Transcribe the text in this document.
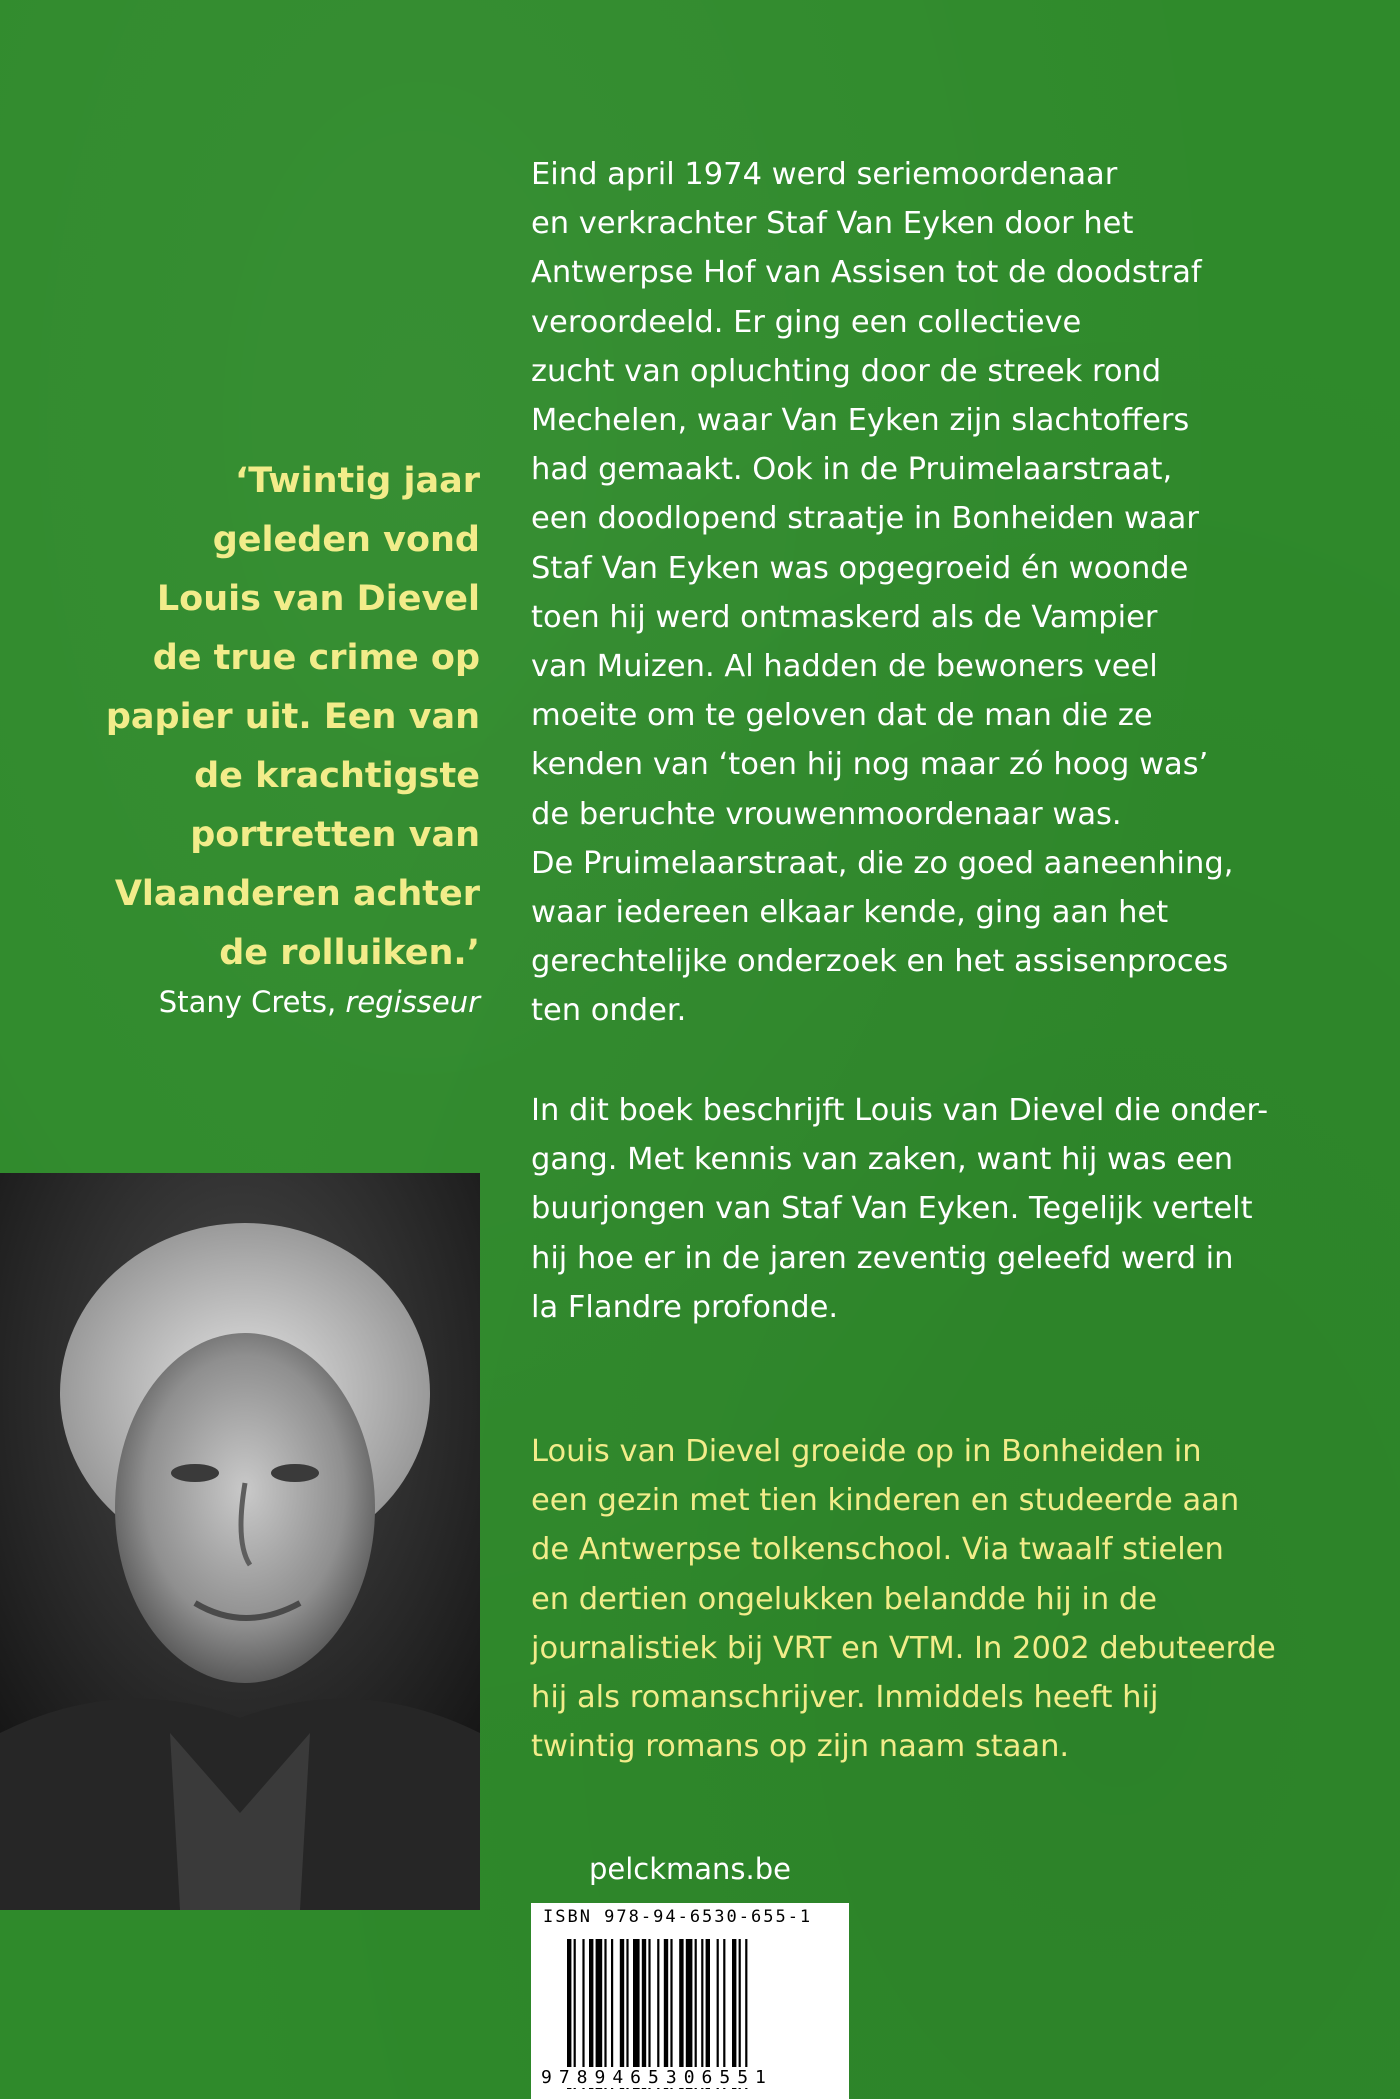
‘Twintig jaar
geleden vond
Louis van Dievel
de true crime op
papier uit. Een van
de krachtigste
portretten van
Vlaanderen achter
de rolluiken.’
Stany Crets, regisseur
Eind april 1974 werd seriemoordenaar
en verkrachter Staf Van Eyken door het
Antwerpse Hof van Assisen tot de doodstraf
veroordeeld. Er ging een collectieve
zucht van opluchting door de streek rond
Mechelen, waar Van Eyken zijn slachtoffers
had gemaakt. Ook in de Pruimelaarstraat,
een doodlopend straatje in Bonheiden waar
Staf Van Eyken was opgegroeid én woonde
toen hij werd ontmaskerd als de Vampier
van Muizen. Al hadden de bewoners veel
moeite om te geloven dat de man die ze
kenden van ‘toen hij nog maar zó hoog was’
de beruchte vrouwenmoordenaar was.
De Pruimelaarstraat, die zo goed aaneenhing,
waar iedereen elkaar kende, ging aan het
gerechtelijke onderzoek en het assisenproces
ten onder.
In dit boek beschrijft Louis van Dievel die onder-
gang. Met kennis van zaken, want hij was een
buurjongen van Staf Van Eyken. Tegelijk vertelt
hij hoe er in de jaren zeventig geleefd werd in
la Flandre profonde.
Louis van Dievel groeide op in Bonheiden in
een gezin met tien kinderen en studeerde aan
de Antwerpse tolkenschool. Via twaalf stielen
en dertien ongelukken belandde hij in de
journalistiek bij VRT en VTM. In 2002 debuteerde
hij als romanschrijver. Inmiddels heeft hij
twintig romans op zijn naam staan.
pelckmans.be
ISBN 978-94-6530-655-1
9789465306551
